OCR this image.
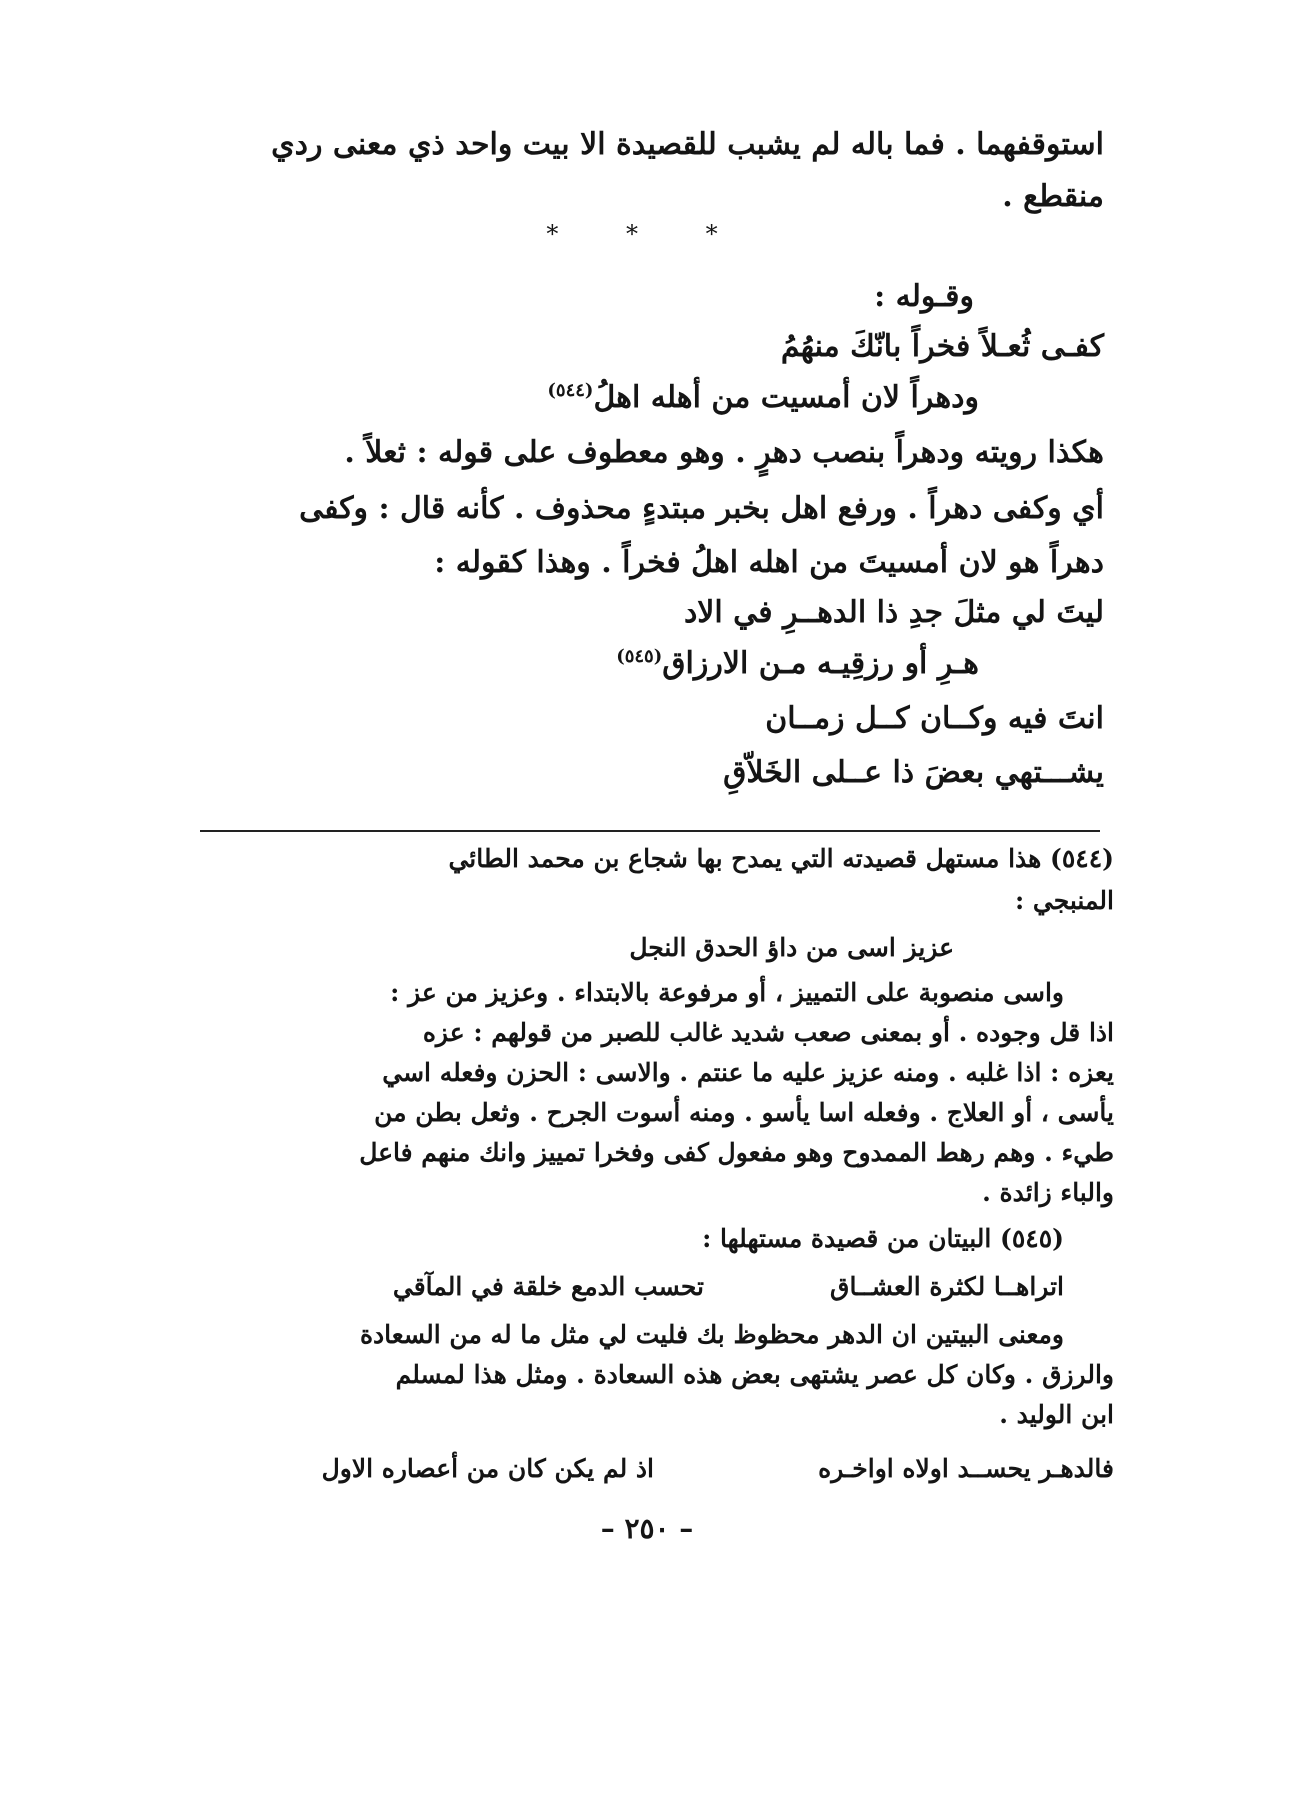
استوقفهما . فما باله لم يشبب للقصيدة الا بيت واحد ذي معنى ردي
منقطع .
* * *
وقـوله :
كفـى ثُعـلاً فخراً بانّكَ منهُمُ
ودهراً لان أمسيت من أهله اهلُ$^{(٥٤٤)}$
هكذا رويته ودهراً بنصب دهرٍ . وهو معطوف على قوله : ثعلاً .
أي وكفى دهراً . ورفع اهل بخبر مبتدءٍ محذوف . كأنه قال : وكفى
دهراً هو لان أمسيتَ من اهله اهلُ فخراً . وهذا كقوله :
ليتَ لي مثلَ جدِ ذا الدهــرِ في الاد
هـرِ أو رزقِيـه مـن الارزاق$^{(٥٤٥)}$
انتَ فيه وكــان كــل زمــان
يشـــتهي بعضَ ذا عــلى الخَلاّقِ
(٥٤٤) هذا مستهل قصيدته التي يمدح بها شجاع بن محمد الطائي
المنبجي :
عزيز اسى من داؤ الحدق النجل
واسى منصوبة على التمييز ، أو مرفوعة بالابتداء . وعزيز من عز :
اذا قل وجوده . أو بمعنى صعب شديد غالب للصبر من قولهم : عزه
يعزه : اذا غلبه . ومنه عزيز عليه ما عنتم . والاسى : الحزن وفعله اسي
يأسى ، أو العلاج . وفعله اسا يأسو . ومنه أسوت الجرح . وثعل بطن من
طيء . وهم رهط الممدوح وهو مفعول كفى وفخرا تمييز وانك منهم فاعل
والباء زائدة .
(٥٤٥) البيتان من قصيدة مستهلها :
اتراهــا لكثرة العشــاق
تحسب الدمع خلقة في المآقي
ومعنى البيتين ان الدهر محظوظ بك فليت لي مثل ما له من السعادة
والرزق . وكان كل عصر يشتهى بعض هذه السعادة . ومثل هذا لمسلم
ابن الوليد .
فالدهـر يحســد اولاه اواخـره
اذ لم يكن كان من أعصاره الاول
– ٢٥٠ –
